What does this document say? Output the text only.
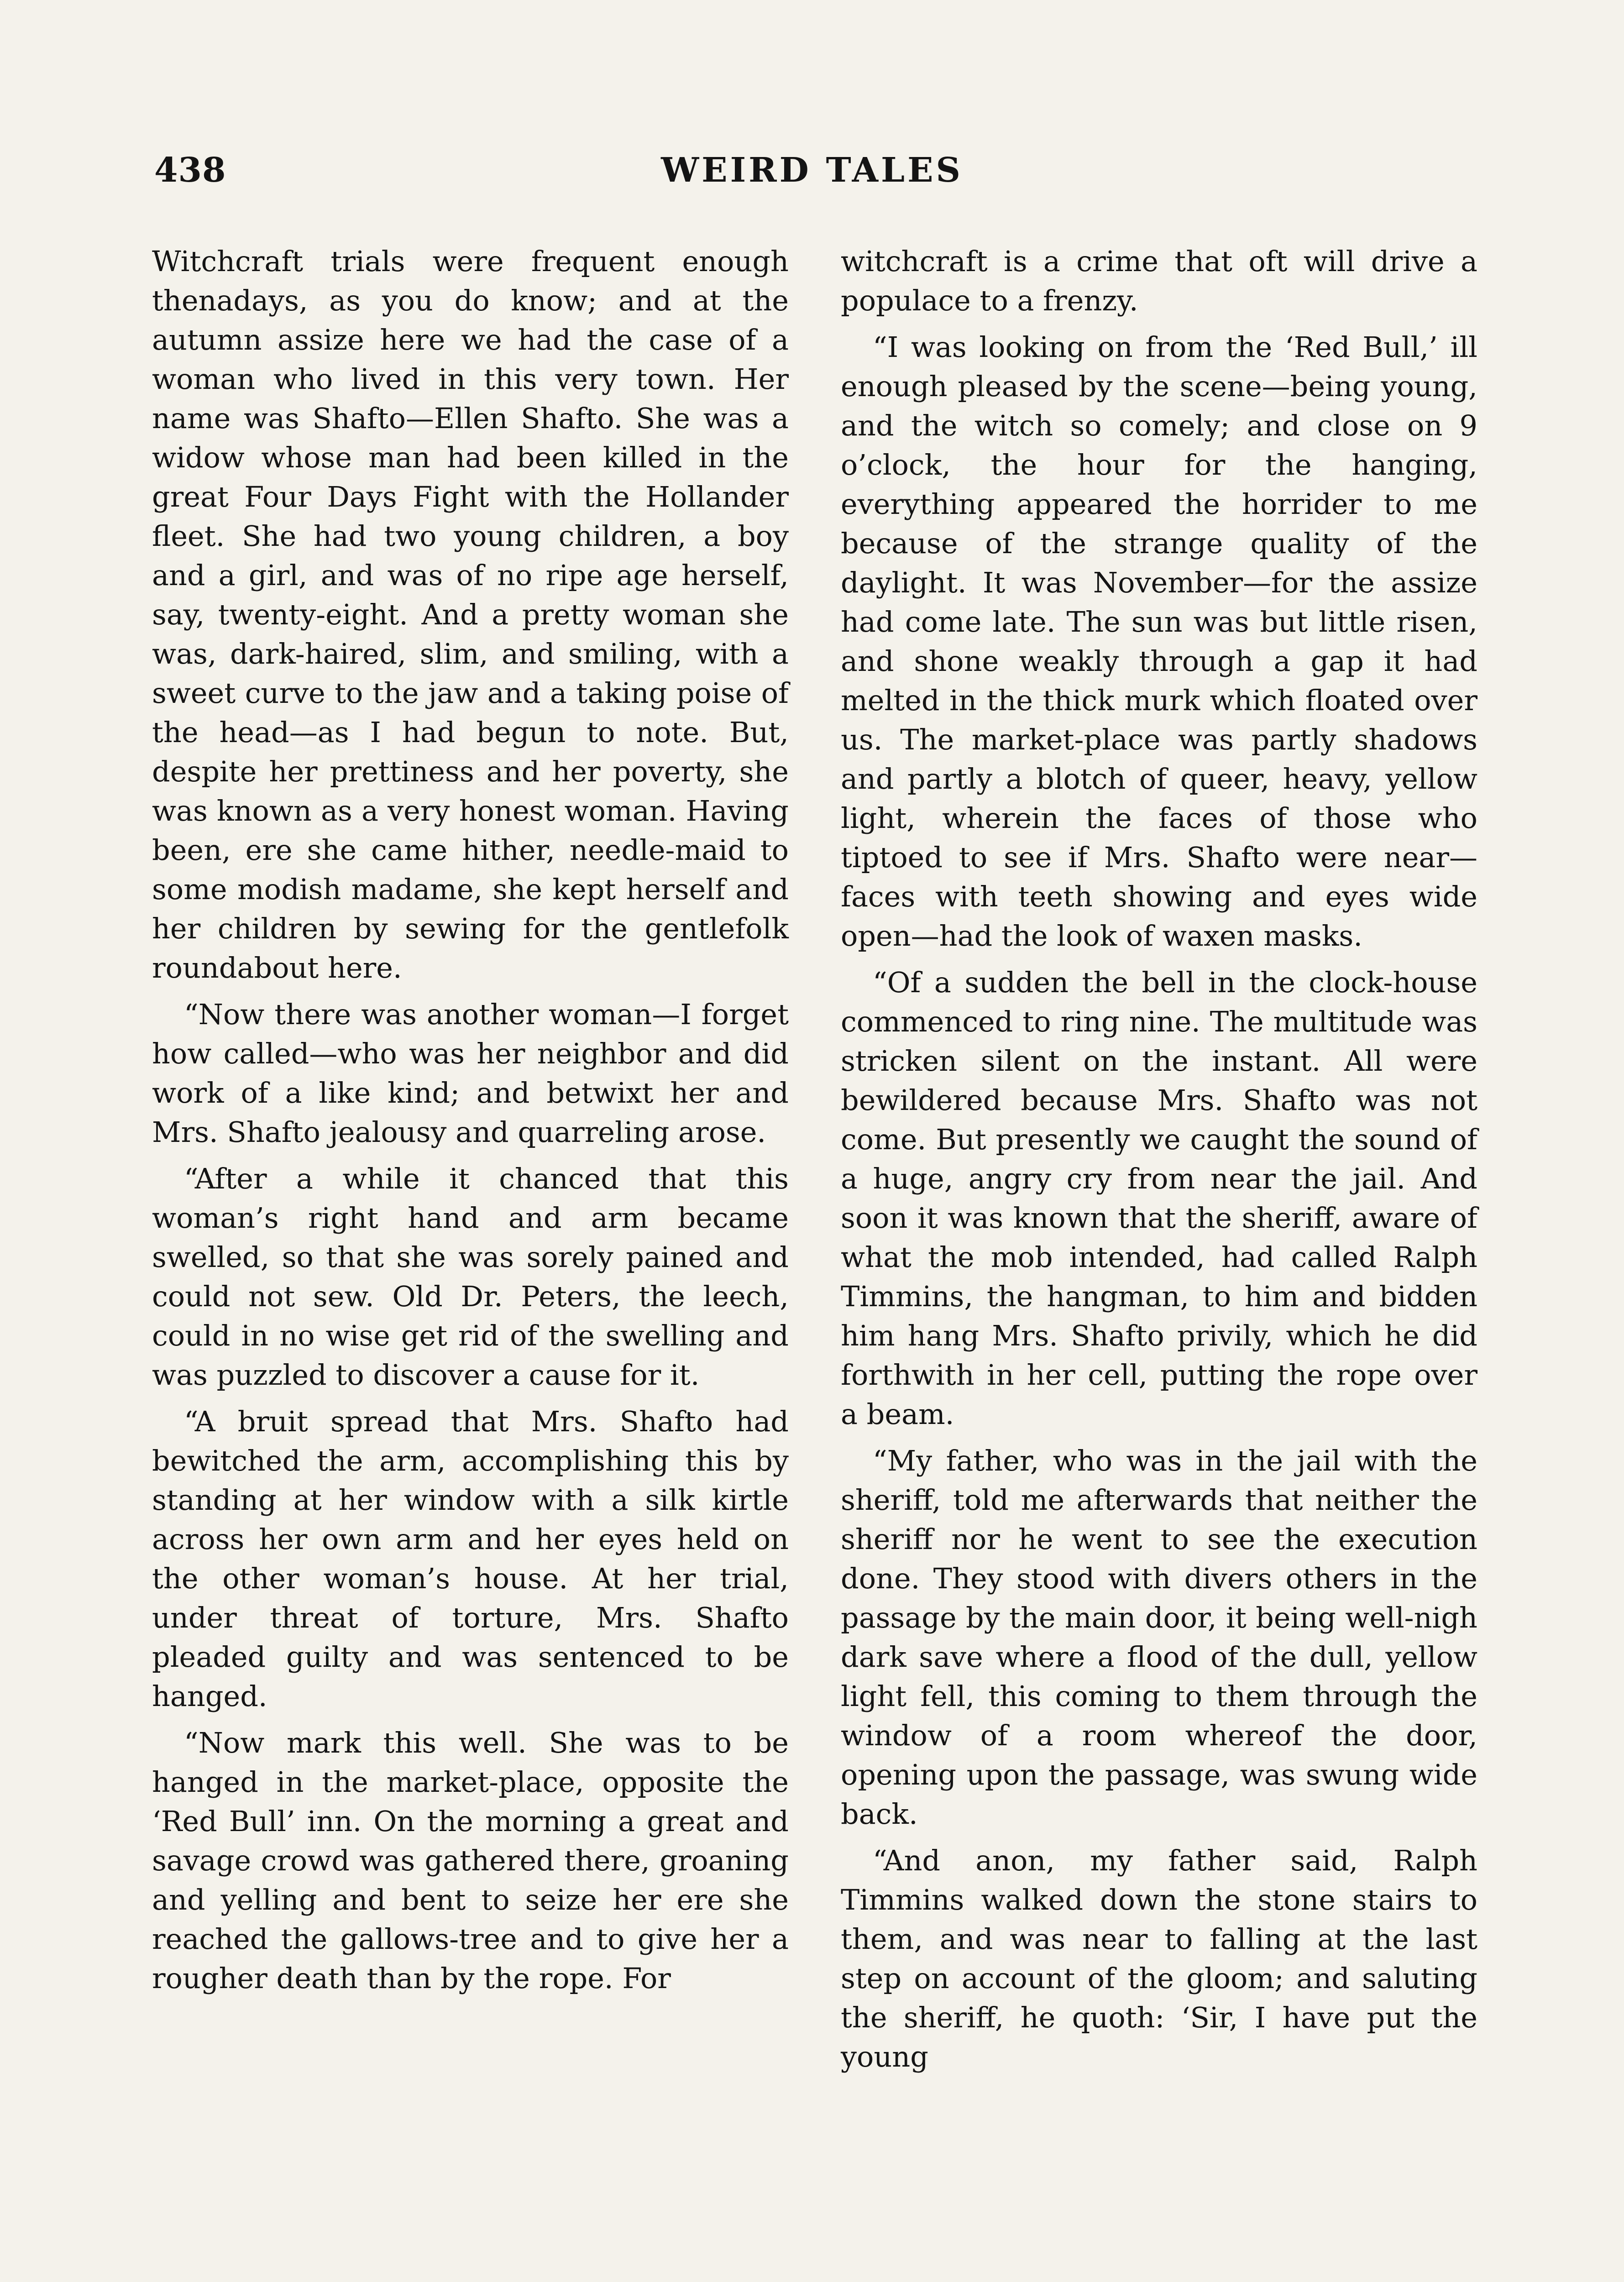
438	WEIRD TALES

Witchcraft trials were frequent enough thenadays, as you do know; and at the autumn assize here we had the case of a woman who lived in this very town. Her name was Shafto—Ellen Shafto. She was a widow whose man had been killed in the great Four Days Fight with the Hollander fleet. She had two young children, a boy and a girl, and was of no ripe age herself, say, twenty-eight. And a pretty woman she was, dark-haired, slim, and smiling, with a sweet curve to the jaw and a taking poise of the head—as I had begun to note. But, despite her prettiness and her poverty, she was known as a very honest woman. Having been, ere she came hither, needle-maid to some modish madame, she kept herself and her children by sewing for the gentlefolk roundabout here.

“Now there was another woman—I forget how called—who was her neighbor and did work of a like kind; and betwixt her and Mrs. Shafto jealousy and quarreling arose.

“After a while it chanced that this woman’s right hand and arm became swelled, so that she was sorely pained and could not sew. Old Dr. Peters, the leech, could in no wise get rid of the swelling and was puzzled to discover a cause for it.

“A bruit spread that Mrs. Shafto had bewitched the arm, accomplishing this by standing at her window with a silk kirtle across her own arm and her eyes held on the other woman’s house. At her trial, under threat of torture, Mrs. Shafto pleaded guilty and was sentenced to be hanged.

“Now mark this well. She was to be hanged in the market-place, opposite the ‘Red Bull’ inn. On the morning a great and savage crowd was gathered there, groaning and yelling and bent to seize her ere she reached the gallows-tree and to give her a rougher death than by the rope. For

witchcraft is a crime that oft will drive a populace to a frenzy.

“I was looking on from the ‘Red Bull,’ ill enough pleased by the scene—being young, and the witch so comely; and close on 9 o’clock, the hour for the hanging, everything appeared the horrider to me because of the strange quality of the daylight. It was November—for the assize had come late. The sun was but little risen, and shone weakly through a gap it had melted in the thick murk which floated over us. The market-place was partly shadows and partly a blotch of queer, heavy, yellow light, wherein the faces of those who tiptoed to see if Mrs. Shafto were near—faces with teeth showing and eyes wide open—had the look of waxen masks.

“Of a sudden the bell in the clock-house commenced to ring nine. The multitude was stricken silent on the instant. All were bewildered because Mrs. Shafto was not come. But presently we caught the sound of a huge, angry cry from near the jail. And soon it was known that the sheriff, aware of what the mob intended, had called Ralph Timmins, the hangman, to him and bidden him hang Mrs. Shafto privily, which he did forthwith in her cell, putting the rope over a beam.

“My father, who was in the jail with the sheriff, told me afterwards that neither the sheriff nor he went to see the execution done. They stood with divers others in the passage by the main door, it being well-nigh dark save where a flood of the dull, yellow light fell, this coming to them through the window of a room whereof the door, opening upon the passage, was swung wide back.

“And anon, my father said, Ralph Timmins walked down the stone stairs to them, and was near to falling at the last step on account of the gloom; and saluting the sheriff, he quoth: ‘Sir, I have put the young
